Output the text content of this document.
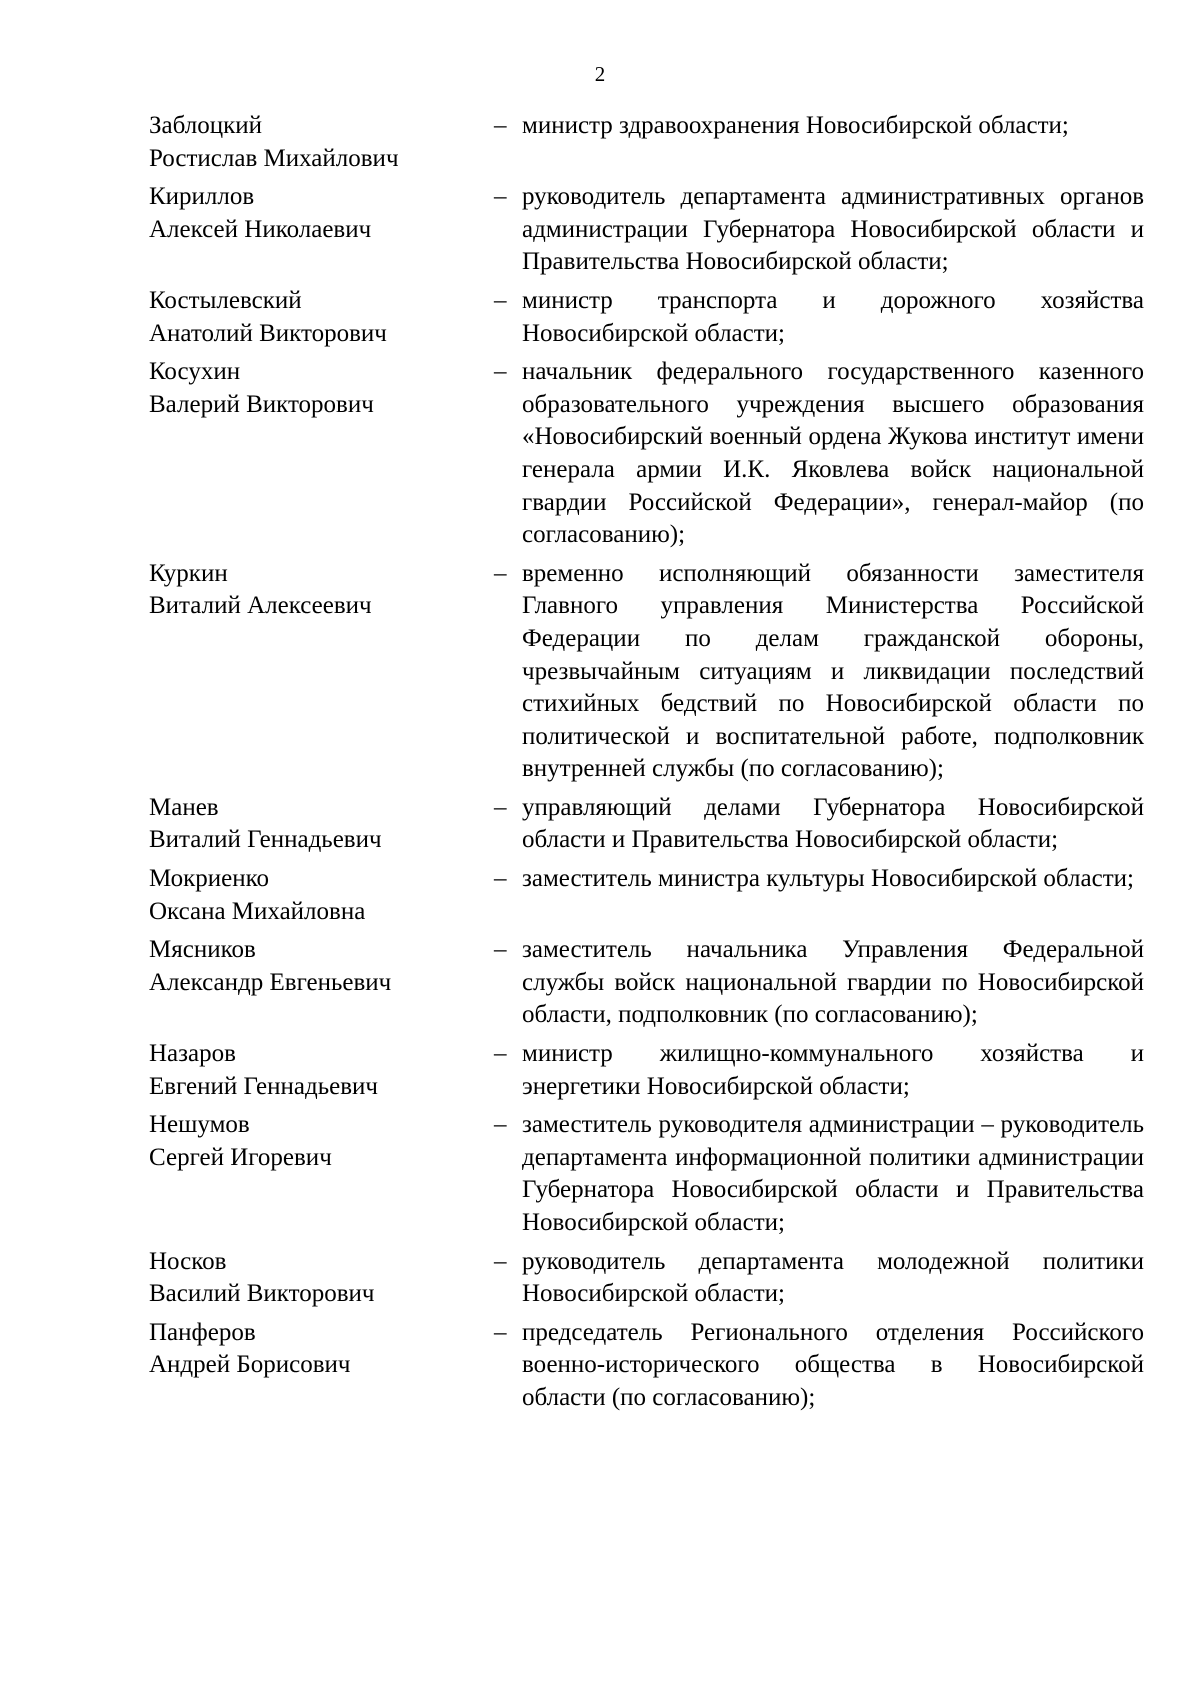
2
Заблоцкий
Ростислав Михайлович
– министр здравоохранения Новосибирской области;
Кириллов
Алексей Николаевич
– руководитель департамента административных органов администрации Губернатора Новосибирской области и Правительства Новосибирской области;
Костылевский
Анатолий Викторович
– министр транспорта и дорожного хозяйства Новосибирской области;
Косухин
Валерий Викторович
– начальник федерального государственного казенного образовательного учреждения высшего образования «Новосибирский военный ордена Жукова институт имени генерала армии И.К. Яковлева войск национальной гвардии Российской Федерации», генерал-майор (по согласованию);
Куркин
Виталий Алексеевич
– временно исполняющий обязанности заместителя Главного управления Министерства Российской Федерации по делам гражданской обороны, чрезвычайным ситуациям и ликвидации последствий стихийных бедствий по Новосибирской области по политической и воспитательной работе, подполковник внутренней службы (по согласованию);
Манев
Виталий Геннадьевич
– управляющий делами Губернатора Новосибирской области и Правительства Новосибирской области;
Мокриенко
Оксана Михайловна
– заместитель министра культуры Новосибирской области;
Мясников
Александр Евгеньевич
– заместитель начальника Управления Федеральной службы войск национальной гвардии по Новосибирской области, подполковник (по согласованию);
Назаров
Евгений Геннадьевич
– министр жилищно-коммунального хозяйства и энергетики Новосибирской области;
Нешумов
Сергей Игоревич
– заместитель руководителя администрации – руководитель департамента информационной политики администрации Губернатора Новосибирской области и Правительства Новосибирской области;
Носков
Василий Викторович
– руководитель департамента молодежной политики Новосибирской области;
Панферов
Андрей Борисович
– председатель Регионального отделения Российского военно-исторического общества в Новосибирской области (по согласованию);
